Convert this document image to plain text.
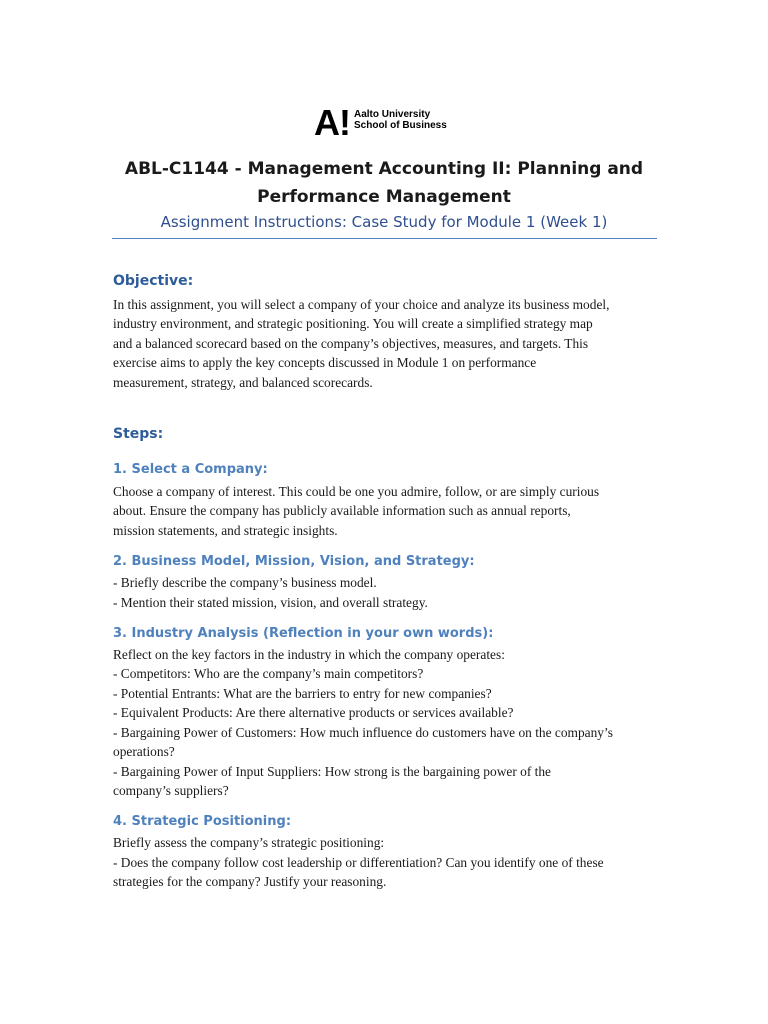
A! Aalto University
School of Business
ABL-C1144 - Management Accounting II: Planning and
Performance Management
Assignment Instructions: Case Study for Module 1 (Week 1)
Objective:
In this assignment, you will select a company of your choice and analyze its business model,
industry environment, and strategic positioning. You will create a simplified strategy map
and a balanced scorecard based on the company’s objectives, measures, and targets. This
exercise aims to apply the key concepts discussed in Module 1 on performance
measurement, strategy, and balanced scorecards.
Steps:
1. Select a Company:
Choose a company of interest. This could be one you admire, follow, or are simply curious
about. Ensure the company has publicly available information such as annual reports,
mission statements, and strategic insights.
2. Business Model, Mission, Vision, and Strategy:
- Briefly describe the company’s business model.
- Mention their stated mission, vision, and overall strategy.
3. Industry Analysis (Reflection in your own words):
Reflect on the key factors in the industry in which the company operates:
- Competitors: Who are the company’s main competitors?
- Potential Entrants: What are the barriers to entry for new companies?
- Equivalent Products: Are there alternative products or services available?
- Bargaining Power of Customers: How much influence do customers have on the company’s
operations?
- Bargaining Power of Input Suppliers: How strong is the bargaining power of the
company’s suppliers?
4. Strategic Positioning:
Briefly assess the company’s strategic positioning:
- Does the company follow cost leadership or differentiation? Can you identify one of these
strategies for the company? Justify your reasoning.
